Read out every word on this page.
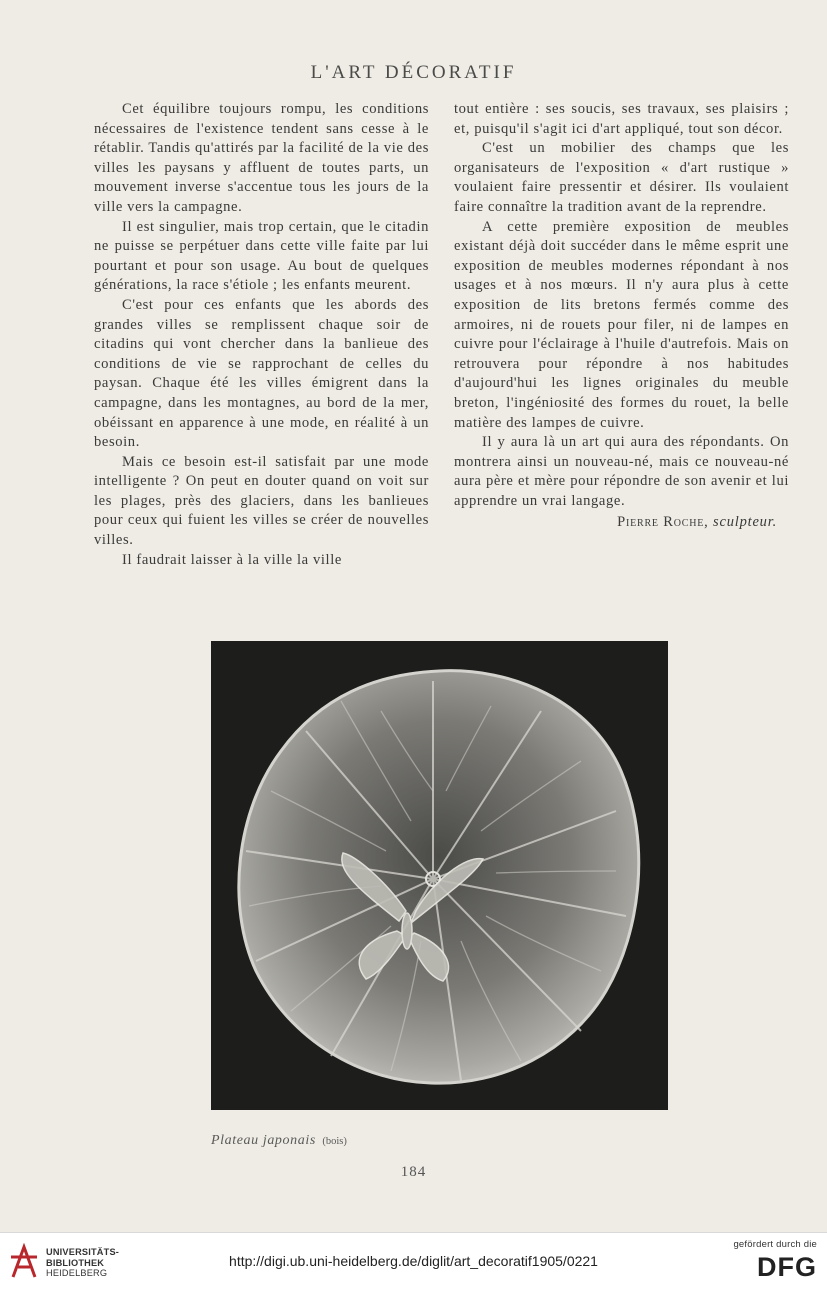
L'ART DÉCORATIF

Cet équilibre toujours rompu, les conditions nécessaires de l'existence tendent sans cesse à le rétablir. Tandis qu'attirés par la facilité de la vie des villes les paysans y affluent de toutes parts, un mouvement inverse s'accentue tous les jours de la ville vers la campagne.

Il est singulier, mais trop certain, que le citadin ne puisse se perpétuer dans cette ville faite par lui pourtant et pour son usage. Au bout de quelques générations, la race s'étiole ; les enfants meurent.

C'est pour ces enfants que les abords des grandes villes se remplissent chaque soir de citadins qui vont chercher dans la banlieue des conditions de vie se rapprochant de celles du paysan. Chaque été les villes émigrent dans la campagne, dans les montagnes, au bord de la mer, obéissant en apparence à une mode, en réalité à un besoin.

Mais ce besoin est-il satisfait par une mode intelligente ? On peut en douter quand on voit sur les plages, près des glaciers, dans les banlieues pour ceux qui fuient les villes se créer de nouvelles villes.

Il faudrait laisser à la ville la ville

tout entière : ses soucis, ses travaux, ses plaisirs ; et, puisqu'il s'agit ici d'art appliqué, tout son décor.

C'est un mobilier des champs que les organisateurs de l'exposition « d'art rustique » voulaient faire pressentir et désirer. Ils voulaient faire connaître la tradition avant de la reprendre.

A cette première exposition de meubles existant déjà doit succéder dans le même esprit une exposition de meubles modernes répondant à nos usages et à nos mœurs. Il n'y aura plus à cette exposition de lits bretons fermés comme des armoires, ni de rouets pour filer, ni de lampes en cuivre pour l'éclairage à l'huile d'autrefois. Mais on retrouvera pour répondre à nos habitudes d'aujourd'hui les lignes originales du meuble breton, l'ingéniosité des formes du rouet, la belle matière des lampes de cuivre.

Il y aura là un art qui aura des répondants. On montrera ainsi un nouveau-né, mais ce nouveau-né aura père et mère pour répondre de son avenir et lui apprendre un vrai langage.

Pierre Roche, sculpteur.
Plateau japonais (bois)
184
UNIVERSITÄTS-
BIBLIOTHEK
HEIDELBERG
http://digi.ub.uni-heidelberg.de/diglit/art_decoratif1905/0221
gefördert durch die
DFG
